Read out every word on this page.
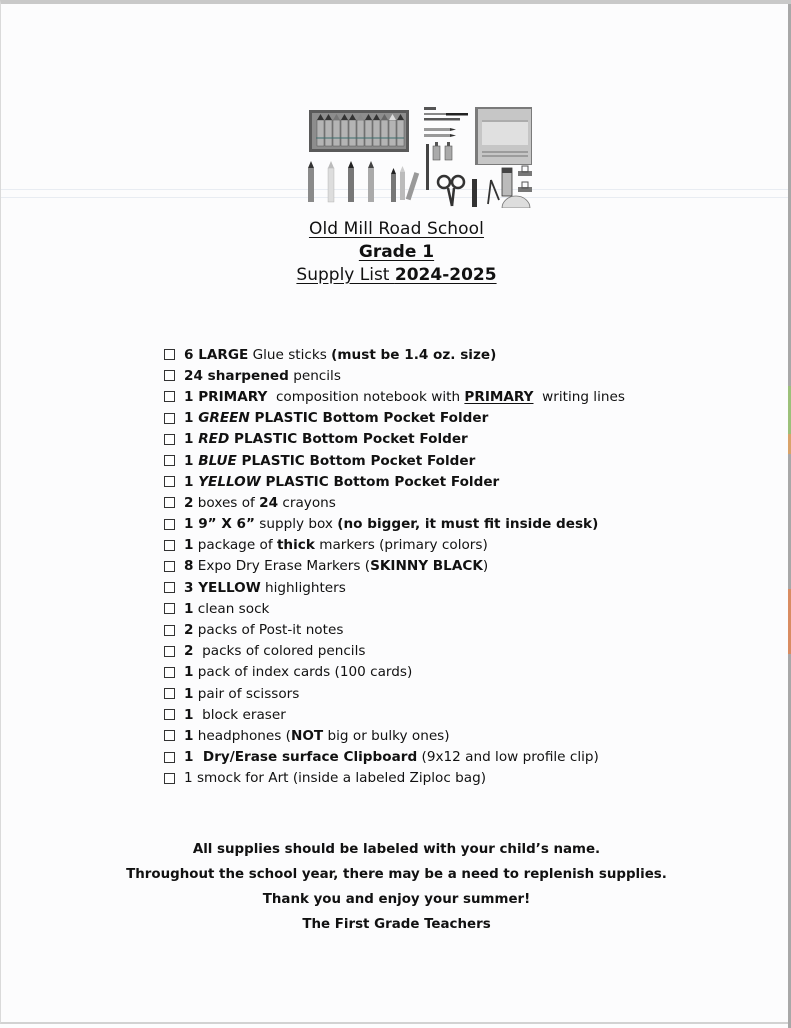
Old Mill Road School
Grade 1
Supply List 2024-2025
6 LARGE Glue sticks (must be 1.4 oz. size)
24 sharpened pencils
1 PRIMARY composition notebook with PRIMARY writing lines
1 GREEN PLASTIC Bottom Pocket Folder
1 RED PLASTIC Bottom Pocket Folder
1 BLUE PLASTIC Bottom Pocket Folder
1 YELLOW PLASTIC Bottom Pocket Folder
2 boxes of 24 crayons
1 9” X 6” supply box (no bigger, it must fit inside desk)
1 package of thick markers (primary colors)
8 Expo Dry Erase Markers ( SKINNY BLACK )
3 YELLOW highlighters
1 clean sock
2 packs of Post-it notes
2 packs of colored pencils
1 pack of index cards (100 cards)
1 pair of scissors
1 block eraser
1 headphones ( NOT big or bulky ones)
1  Dry/Erase surface Clipboard (9x12 and low profile clip)
1 smock for Art (inside a labeled Ziploc bag)
All supplies should be labeled with your child’s name.
Throughout the school year, there may be a need to replenish supplies.
Thank you and enjoy your summer!
The First Grade Teachers
